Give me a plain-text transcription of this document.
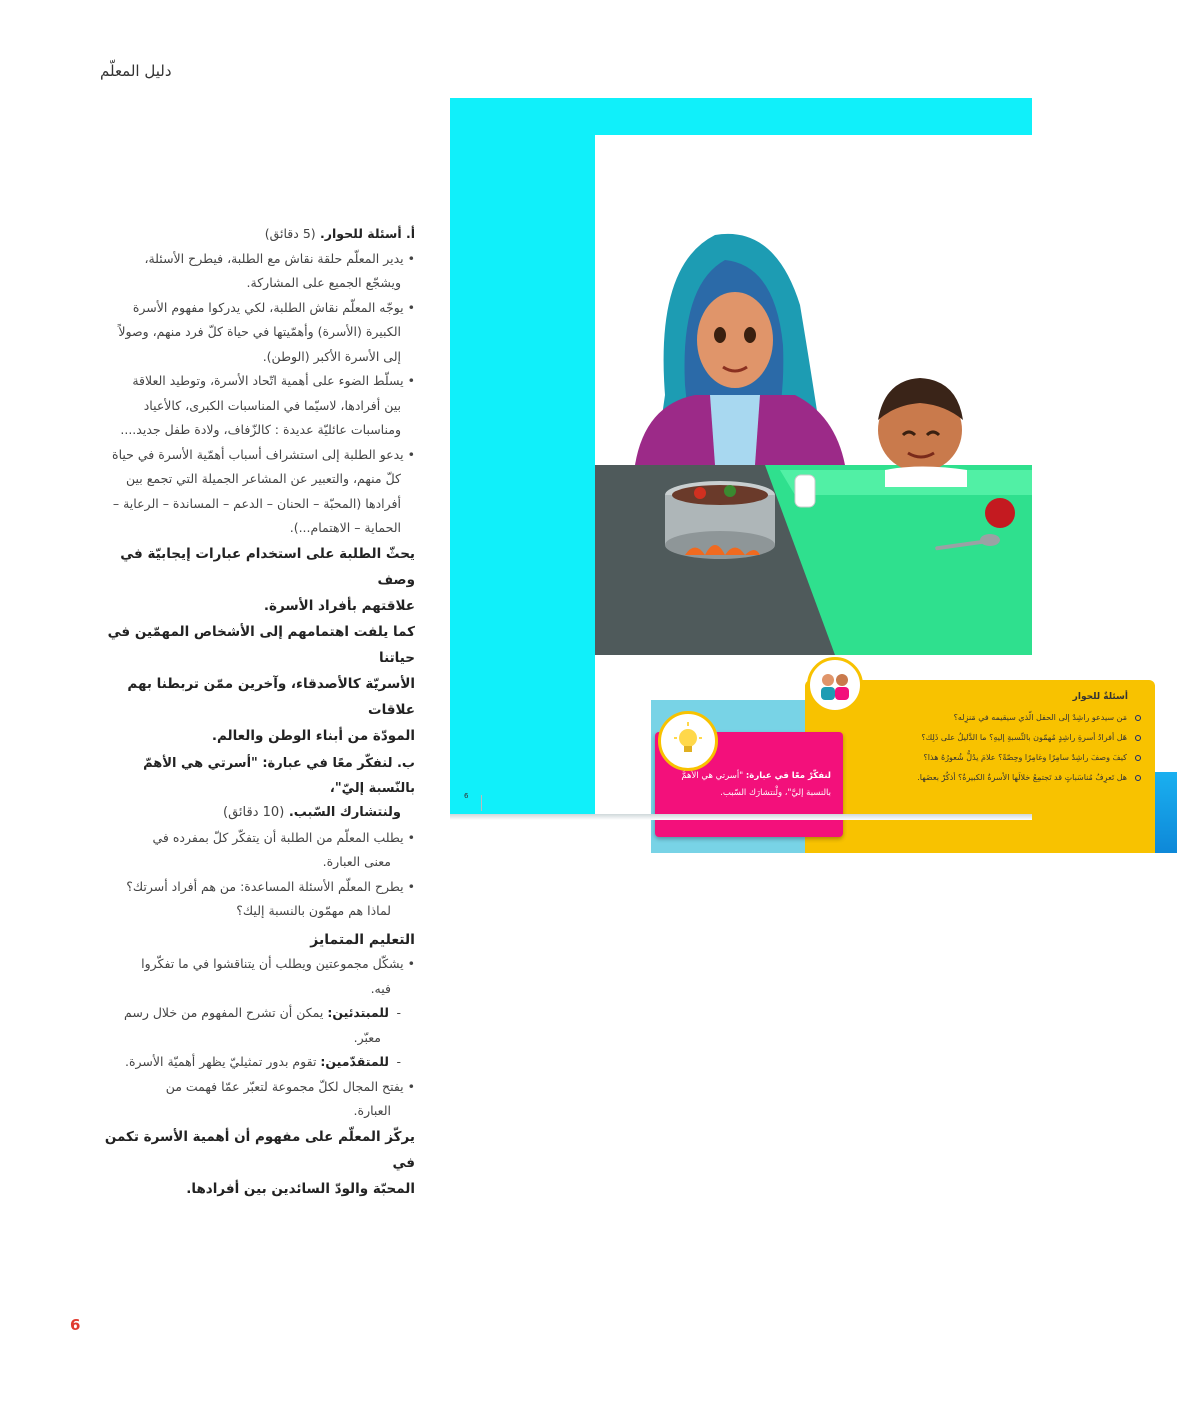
دليل المعلّم

أ. أسئلة للحوار. (5 دقائق)

• يدير المعلّم حلقة نقاش مع الطلبة، فيطرح الأسئلة،

ويشجّع الجميع على المشاركة.

• يوجّه المعلّم نقاش الطلبة، لكي يدركوا مفهوم الأسرة

الكبيرة (الأسرة) وأهمّيتها في حياة كلّ فرد منهم، وصولاً

إلى الأسرة الأكبر (الوطن).

• يسلّط الضوء على أهمية اتّحاد الأسرة، وتوطيد العلاقة

بين أفرادها، لاسيّما في المناسبات الكبرى، كالأعياد

ومناسبات عائليّة عديدة : كالزّفاف، ولادة طفل جديد....

• يدعو الطلبة إلى استشراف أسباب أهمّية الأسرة في حياة

كلّ منهم، والتعبير عن المشاعر الجميلة التي تجمع بين

أفرادها (المحبّة – الحنان – الدعم – المساندة – الرعاية –

الحماية – الاهتمام...).

يحثّ الطلبة على استخدام عبارات إيجابيّة في وصف

علاقتهم بأفراد الأسرة.

كما يلفت اهتمامهم إلى الأشخاص المهمّين في حياتنا

الأسريّة كالأصدقاء، وآخرين ممّن تربطنا بهم علاقات

المودّة من أبناء الوطن والعالم.

ب. لنفكّر معًا في عبارة: "أسرتي هي الأهمّ بالنّسبة إليّ"،

ولنتشارك السّبب. (10 دقائق)

• يطلب المعلّم من الطلبة أن يتفكّر كلّ بمفرده في

معنى العبارة.

• يطرح المعلّم الأسئلة المساعدة: من هم أفراد أسرتك؟

لماذا هم مهمّون بالنسبة إليك؟

التعليم المتمايز

• يشكّل مجموعتين ويطلب أن يتناقشوا في ما تفكّروا

فيه.

- للمبتدئين: يمكن أن تشرح المفهوم من خلال رسم

معبّر.

- للمتقدّمين: تقوم بدور تمثيليّ يظهر أهميّة الأسرة.

• يفتح المجال لكلّ مجموعة لتعبّر عمّا فهمت من

العبارة.

يركّز المعلّم على مفهوم أن أهمية الأسرة تكمن في

المحبّة والودّ السائدين بين أفرادها.

أسئلةٌ للحوار
مَن سيدعو راشِدٌ إلى الحفل الّذي سيقيمه في مَنزِله؟
هَل أفرادُ أسرةِ راشِدٍ مُهمّون بالنِّسبةِ إليهِ؟ ما الدَّليلُ على ذَلِك؟
كيفَ وصفَ راشِدٌ سامِرًا وغامِرًا وحِصّةً؟ علامَ يدُلُّ شُعورُهُ هذا؟
هل تَعرِفُ مُناسَباتٍ قد تَجتمِعُ خلالَها الأسرةُ الكبيرةُ؟ أذكُرْ بعضَها.
لنفكّرْ معًا في عبارة: "أسرتي هي الأهمُّ بالنسبة إليَّ"، ولْنتشارَك السّبب.
6
6
